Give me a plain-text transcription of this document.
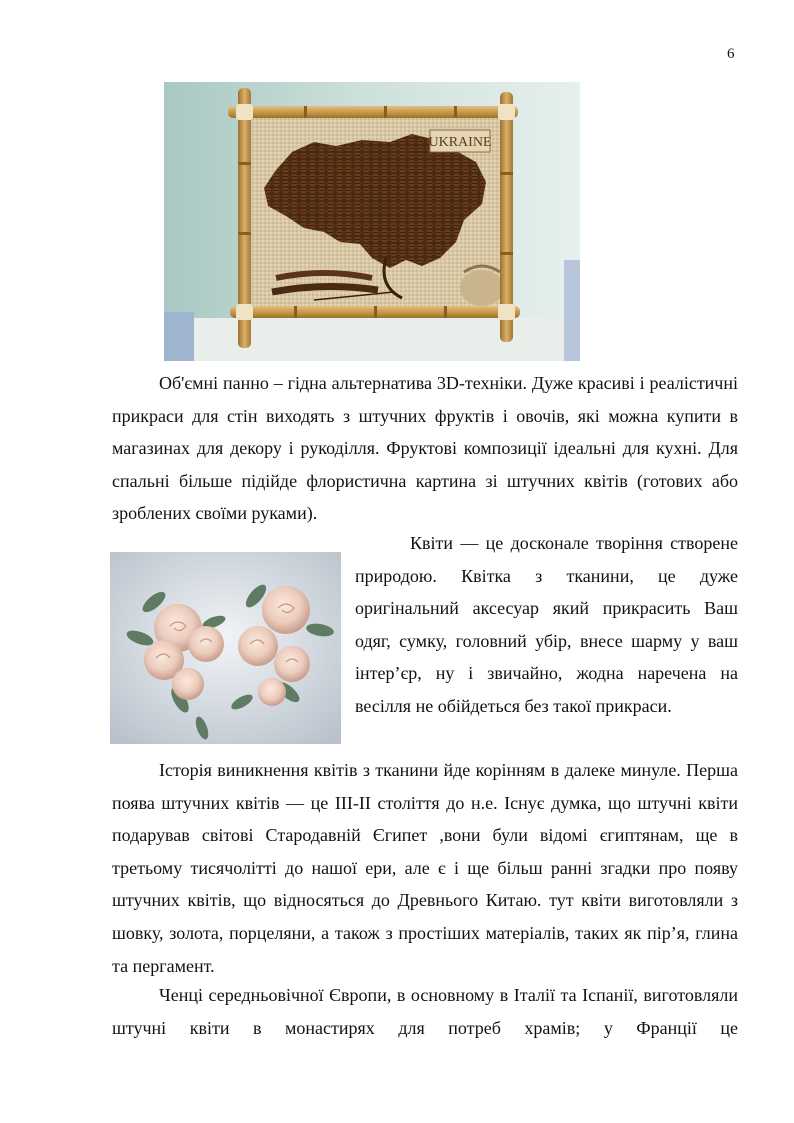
6
UKRAINE

Об'ємні панно – гідна альтернатива 3D-техніки. Дуже красиві і реалістичні прикраси для стін виходять з штучних фруктів і овочів, які можна купити в магазинах для декору і рукоділля. Фруктові композиції ідеальні для кухні. Для спальні більше підійде флористична картина зі штучних квітів (готових або зроблених своїми руками).

Квіти — це досконале творіння створене природою. Квітка з тканини, це дуже оригінальний аксесуар який прикрасить Ваш одяг, сумку, головний убір, внесе шарму у ваш інтер’єр, ну і звичайно, жодна наречена на весілля не обійдеться без такої прикраси.

Історія виникнення квітів з тканини йде корінням в далеке минуле. Перша поява штучних квітів — це III-II століття до н.е. Існує думка, що штучні квіти подарував світові Стародавній Єгипет ,вони були відомі єгиптянам, ще в третьому тисячолітті до нашої ери, але є і ще більш ранні згадки про появу штучних квітів, що відносяться до Древнього Китаю. тут квіти виготовляли з шовку, золота, порцеляни, а також з простіших матеріалів, таких як пір’я, глина та пергамент.

Ченці середньовічної Європи, в основному в Італії та Іспанії, виготовляли штучні квіти в монастирях для потреб храмів; у Франції це
